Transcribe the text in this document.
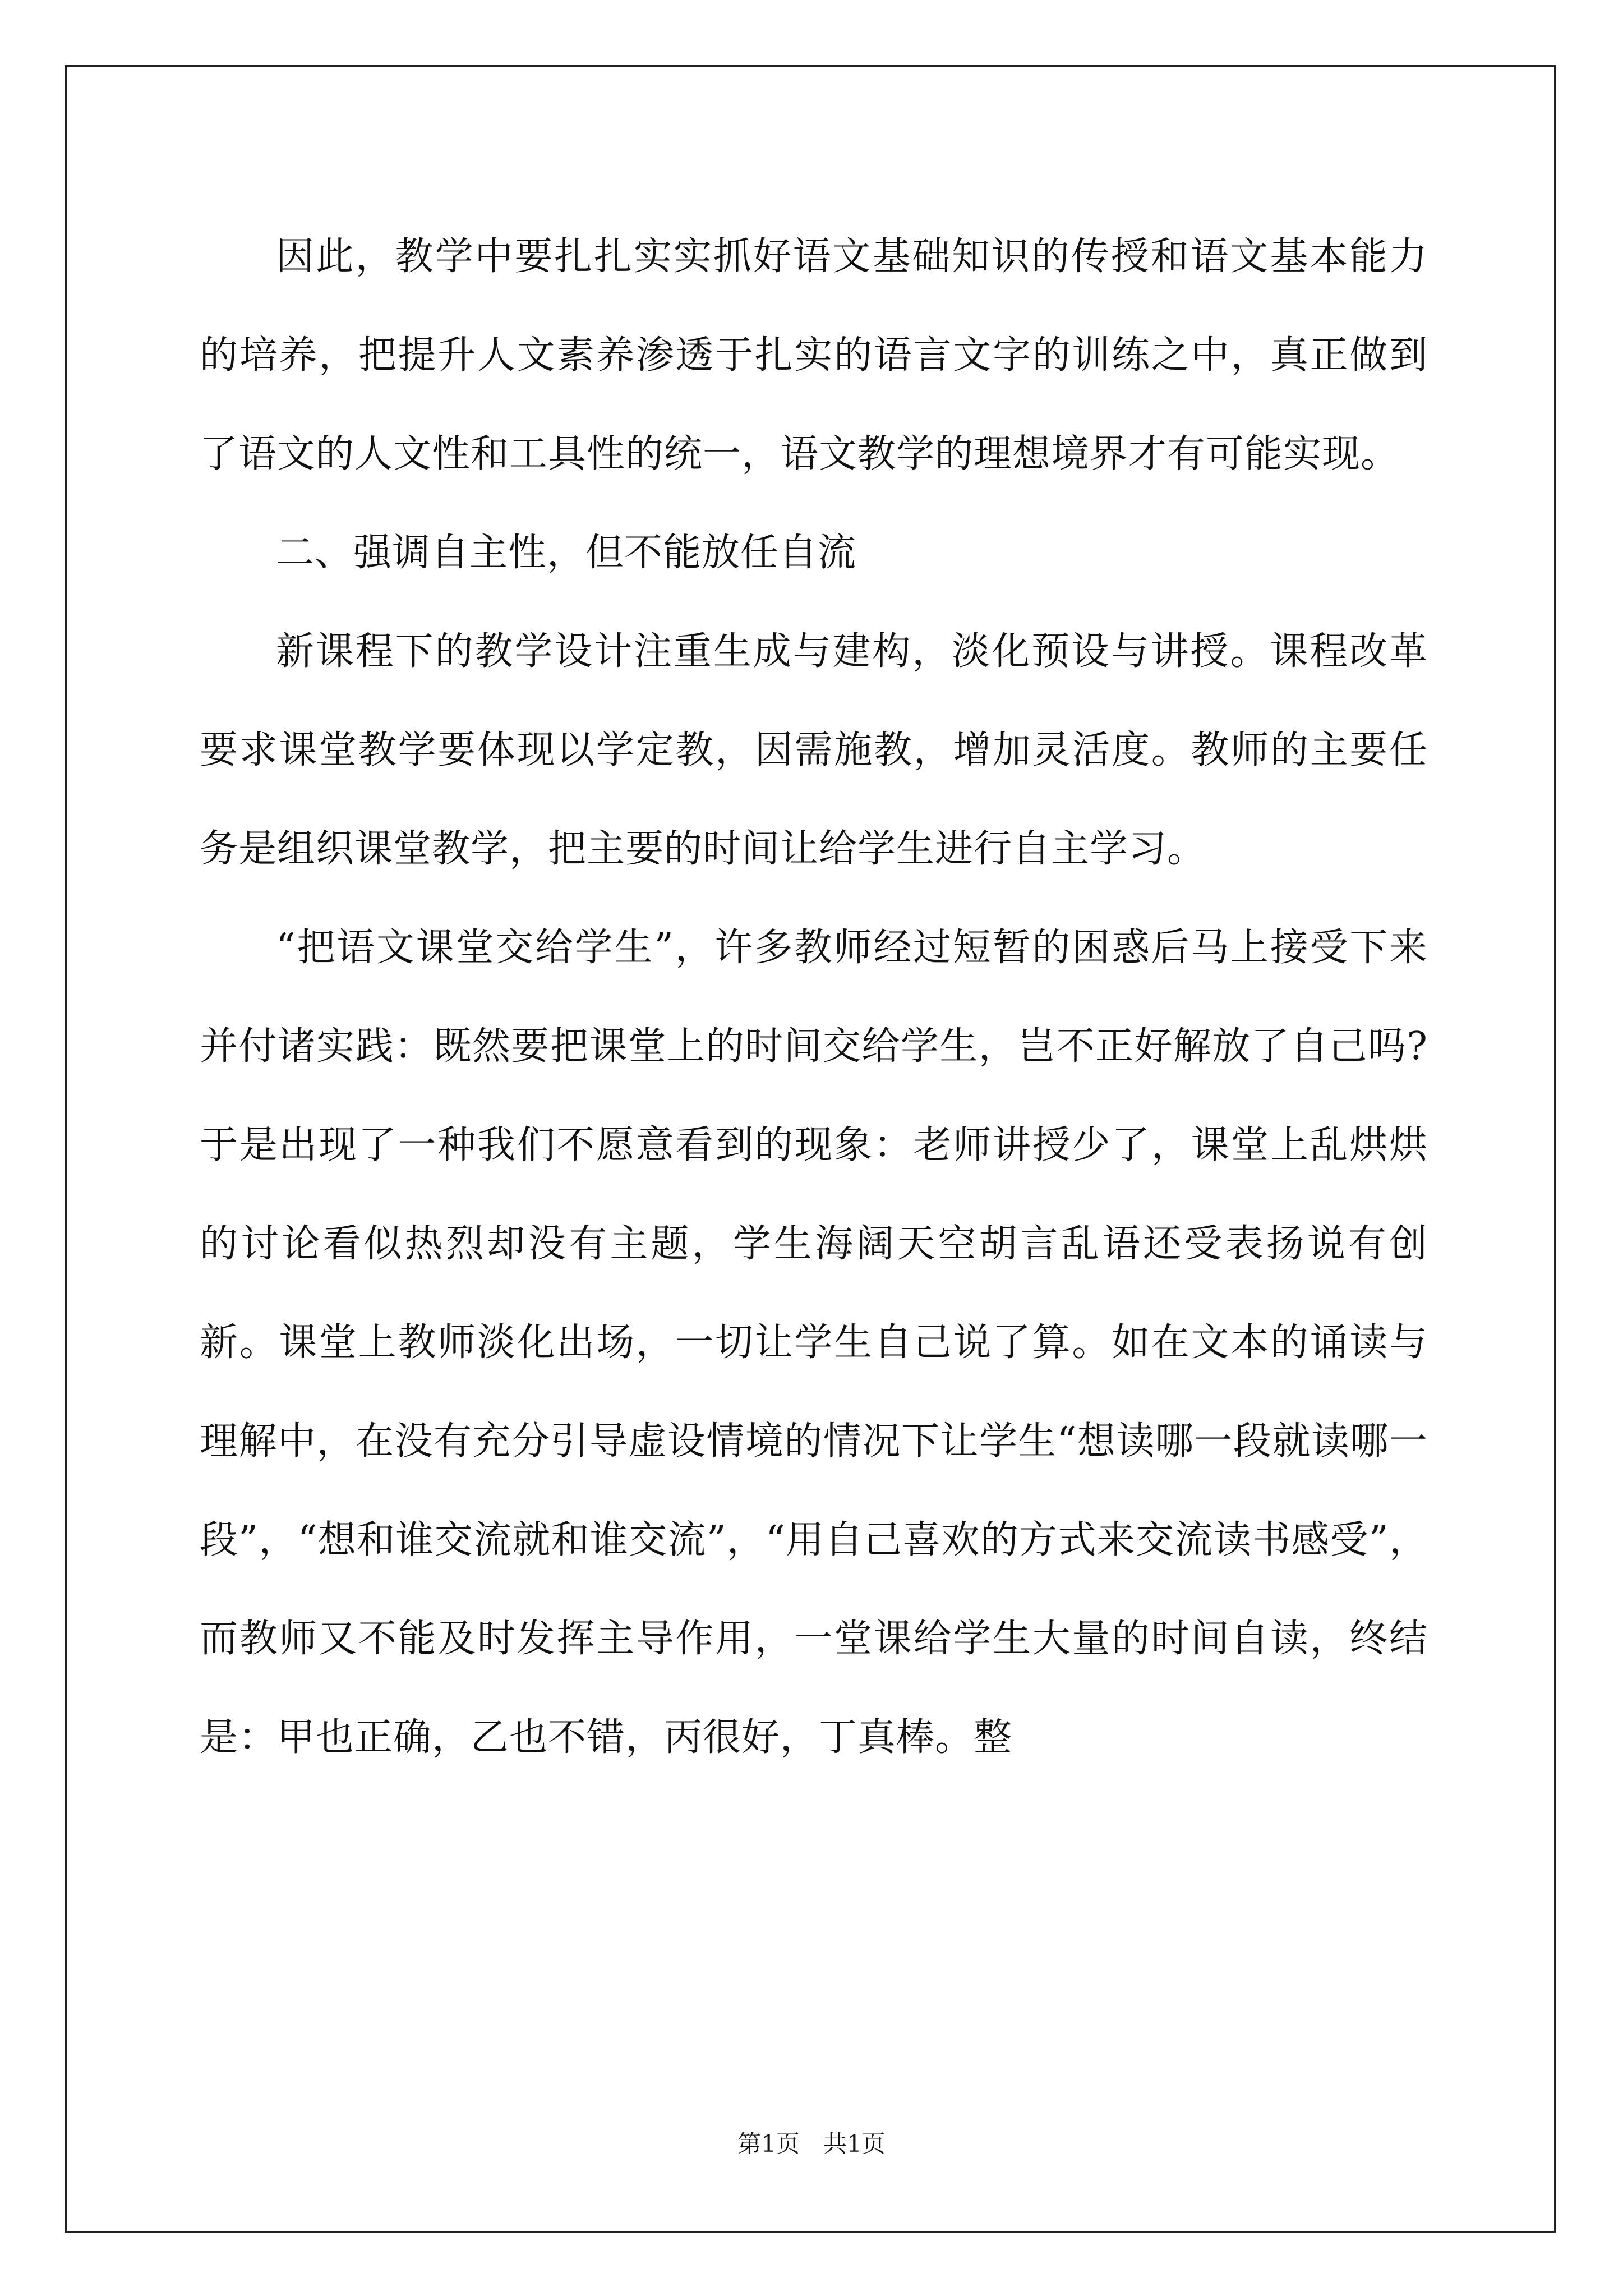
因此，教学中要扎扎实实抓好语文基础知识的传授和语文基本能力的培养，把提升人文素养渗透于扎实的语言文字的训练之中，真正做到了语文的人文性和工具性的统一，语文教学的理想境界才有可能实现。

二、强调自主性，但不能放任自流

新课程下的教学设计注重生成与建构，淡化预设与讲授。课程改革要求课堂教学要体现以学定教，因需施教，增加灵活度。教师的主要任务是组织课堂教学，把主要的时间让给学生进行自主学习。

“把语文课堂交给学生”，许多教师经过短暂的困惑后马上接受下来并付诸实践：既然要把课堂上的时间交给学生，岂不正好解放了自己吗?于是出现了一种我们不愿意看到的现象：老师讲授少了，课堂上乱烘烘的讨论看似热烈却没有主题，学生海阔天空胡言乱语还受表扬说有创新。课堂上教师淡化出场，一切让学生自己说了算。如在文本的诵读与理解中，在没有充分引导虚设情境的情况下让学生“想读哪一段就读哪一段”，“想和谁交流就和谁交流”，“用自己喜欢的方式来交流读书感受”，而教师又不能及时发挥主导作用，一堂课给学生大量的时间自读，终结是：甲也正确，乙也不错，丙很好，丁真棒。整

第1页　共1页
